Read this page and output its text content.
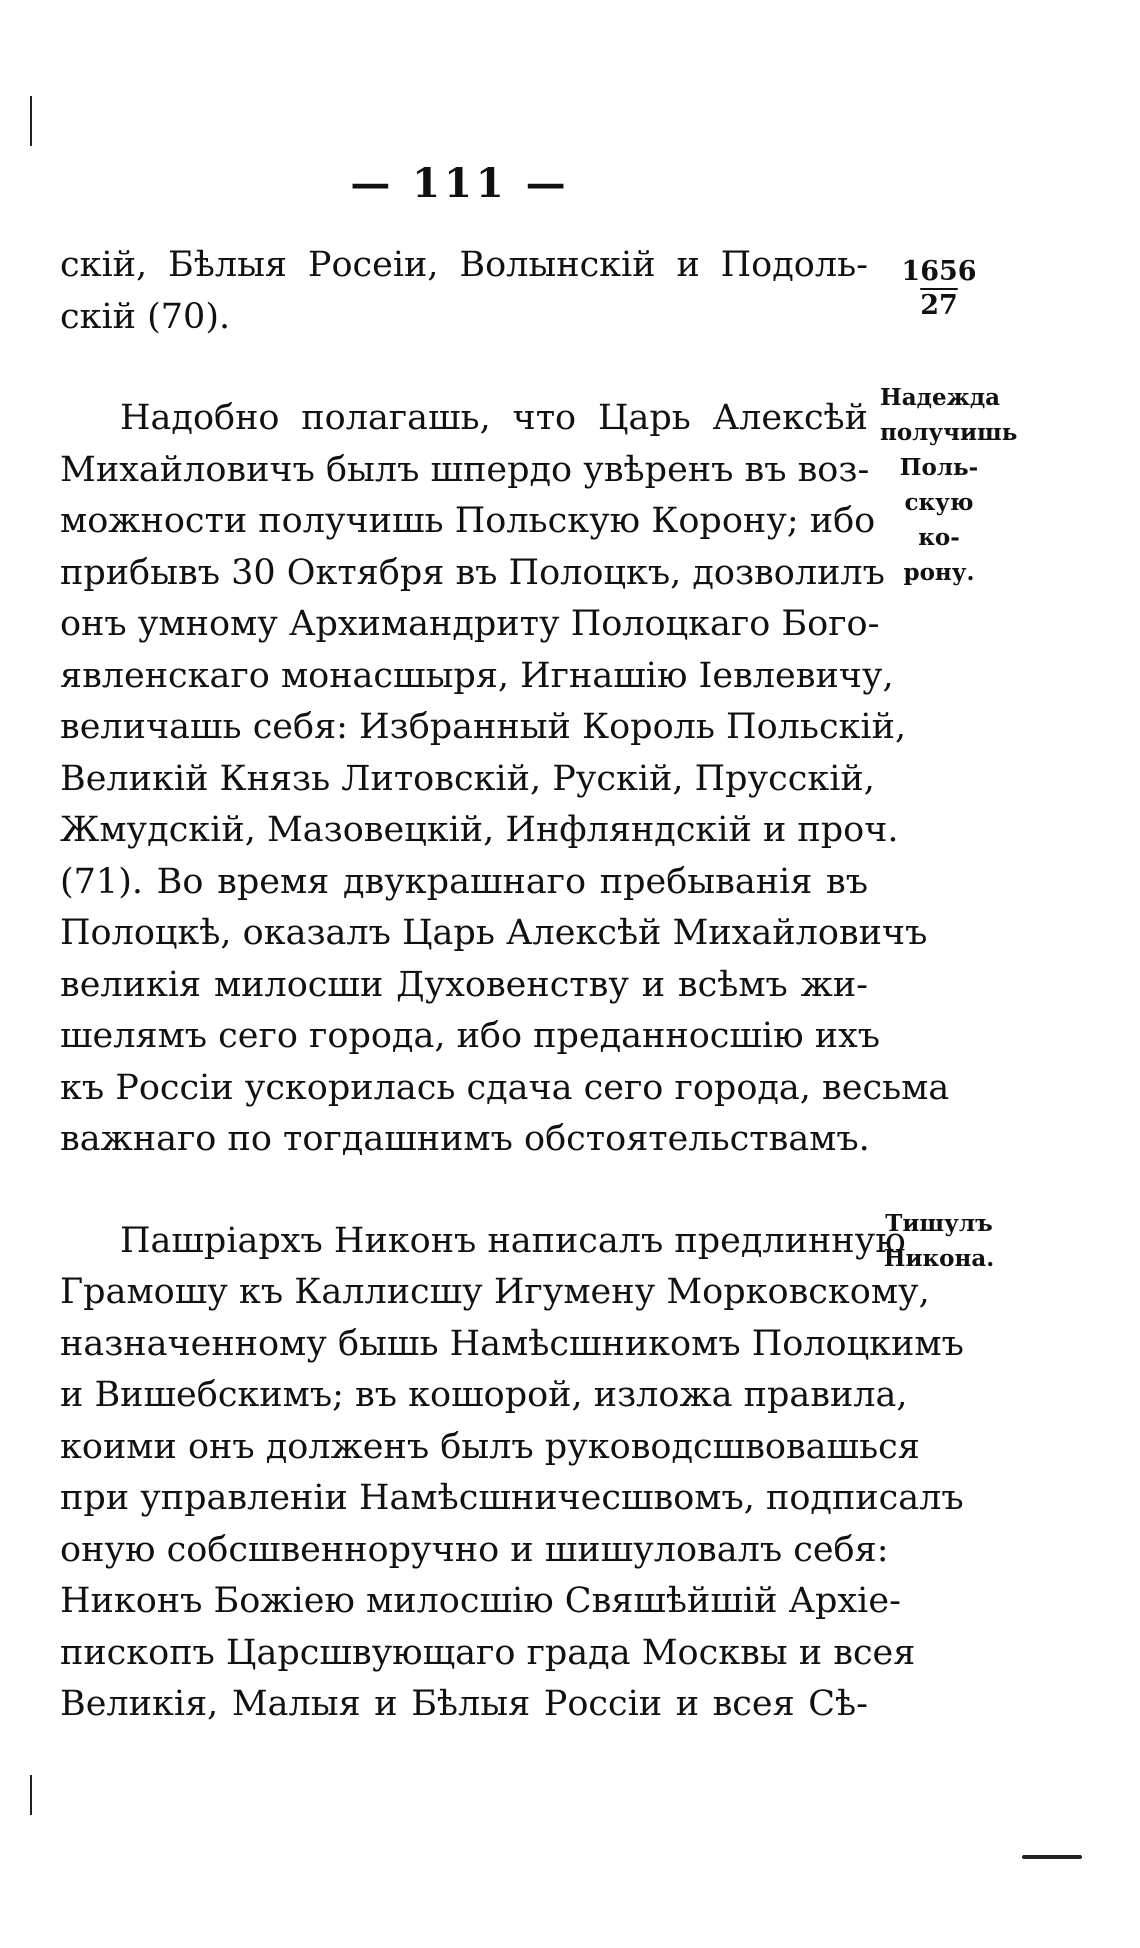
— 111 —
1656
27
Надежда
получишь
Поль-
скую ко-
рону.
Тишулъ
Никона.
скій, Бѣлыя Росеіи, Волынскій и Подоль-
скій (70).
Надобно полагашь, что Царь Алексѣй
Михайловичъ былъ шпердо увѣренъ въ воз-
можности получишь Польскую Корону; ибо
прибывъ 30 Октября въ Полоцкъ, дозволилъ
онъ умному Архимандриту Полоцкаго Бого-
явленскаго монасшыря, Игнашію Іевлевичу,
величашь себя: Избранный Король Польскій,
Великій Князь Литовскій, Рускій, Прусскій,
Жмудскій, Мазовецкій, Инфляндскій и проч.
(71). Во время двукрашнаго пребыванія въ
Полоцкѣ, оказалъ Царь Алексѣй Михайловичъ
великія милосши Духовенству и всѣмъ жи-
шелямъ сего города, ибо преданносшію ихъ
къ Россіи ускорилась сдача сего города, весьма
важнаго по тогдашнимъ обстоятельствамъ.
Пашріархъ Никонъ написалъ предлинную
Грамошу къ Каллисшу Игумену Морковскому,
назначенному бышь Намѣсшникомъ Полоцкимъ
и Вишебскимъ; въ кошорой, изложа правила,
коими онъ долженъ былъ руководсшвовашься
при управленіи Намѣсшничесшвомъ, подписалъ
оную собсшвенноручно и шишуловалъ себя:
Никонъ Божіею милосшію Свяшѣйшій Архіе-
пископъ Царсшвующаго града Москвы и всея
Великія, Малыя и Бѣлыя Россіи и всея Сѣ-
